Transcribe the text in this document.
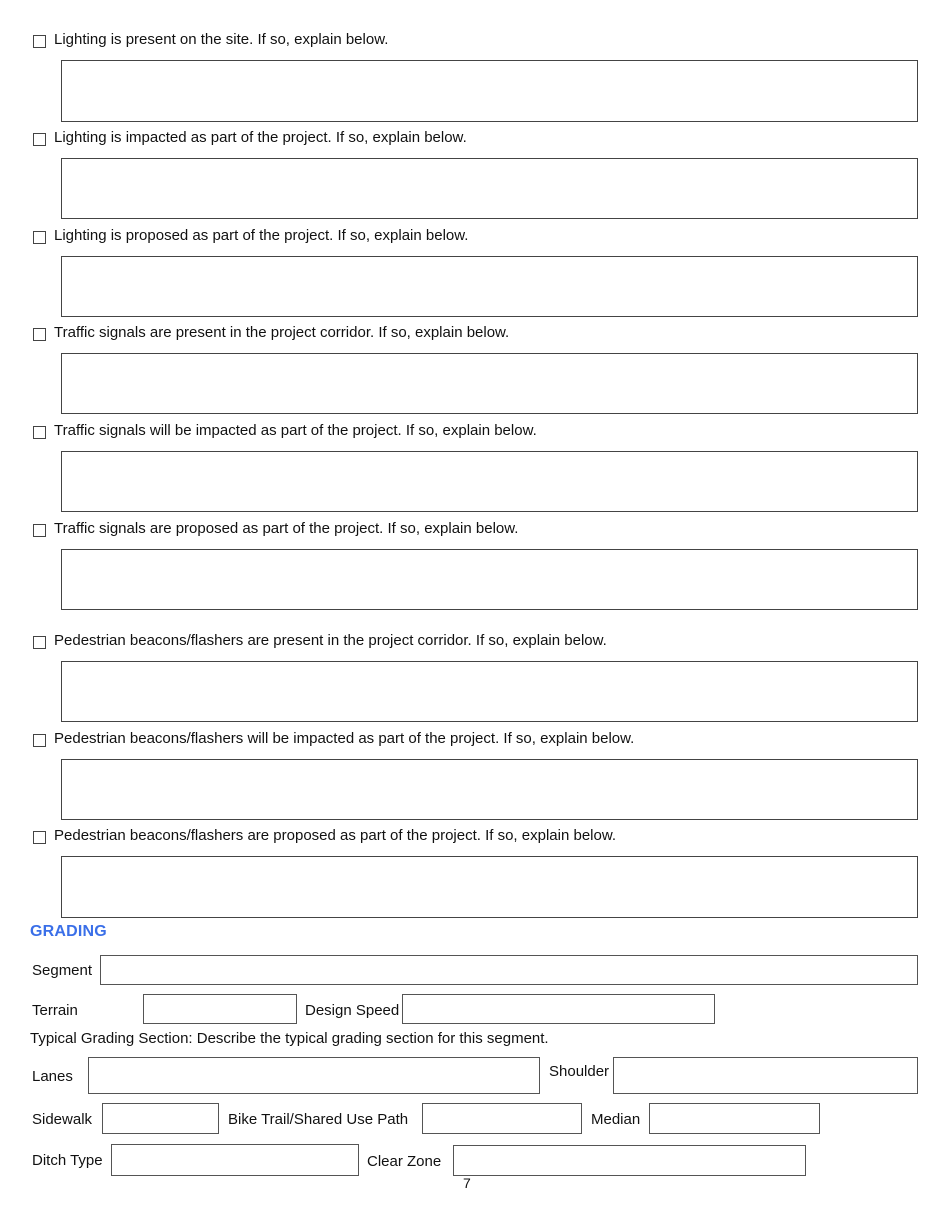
Lighting is present on the site. If so, explain below.
Lighting is impacted as part of the project. If so, explain below.
Lighting is proposed as part of the project. If so, explain below.
Traffic signals are present in the project corridor. If so, explain below.
Traffic signals will be impacted as part of the project. If so, explain below.
Traffic signals are proposed as part of the project. If so, explain below.
Pedestrian beacons/flashers are present in the project corridor. If so, explain below.
Pedestrian beacons/flashers will be impacted as part of the project. If so, explain below.
Pedestrian beacons/flashers are proposed as part of the project. If so, explain below.
GRADING
Segment
Terrain	Design Speed
Typical Grading Section: Describe the typical grading section for this segment.
Lanes	Shoulder
Sidewalk	Bike Trail/Shared Use Path	Median
Ditch Type	Clear Zone
7
